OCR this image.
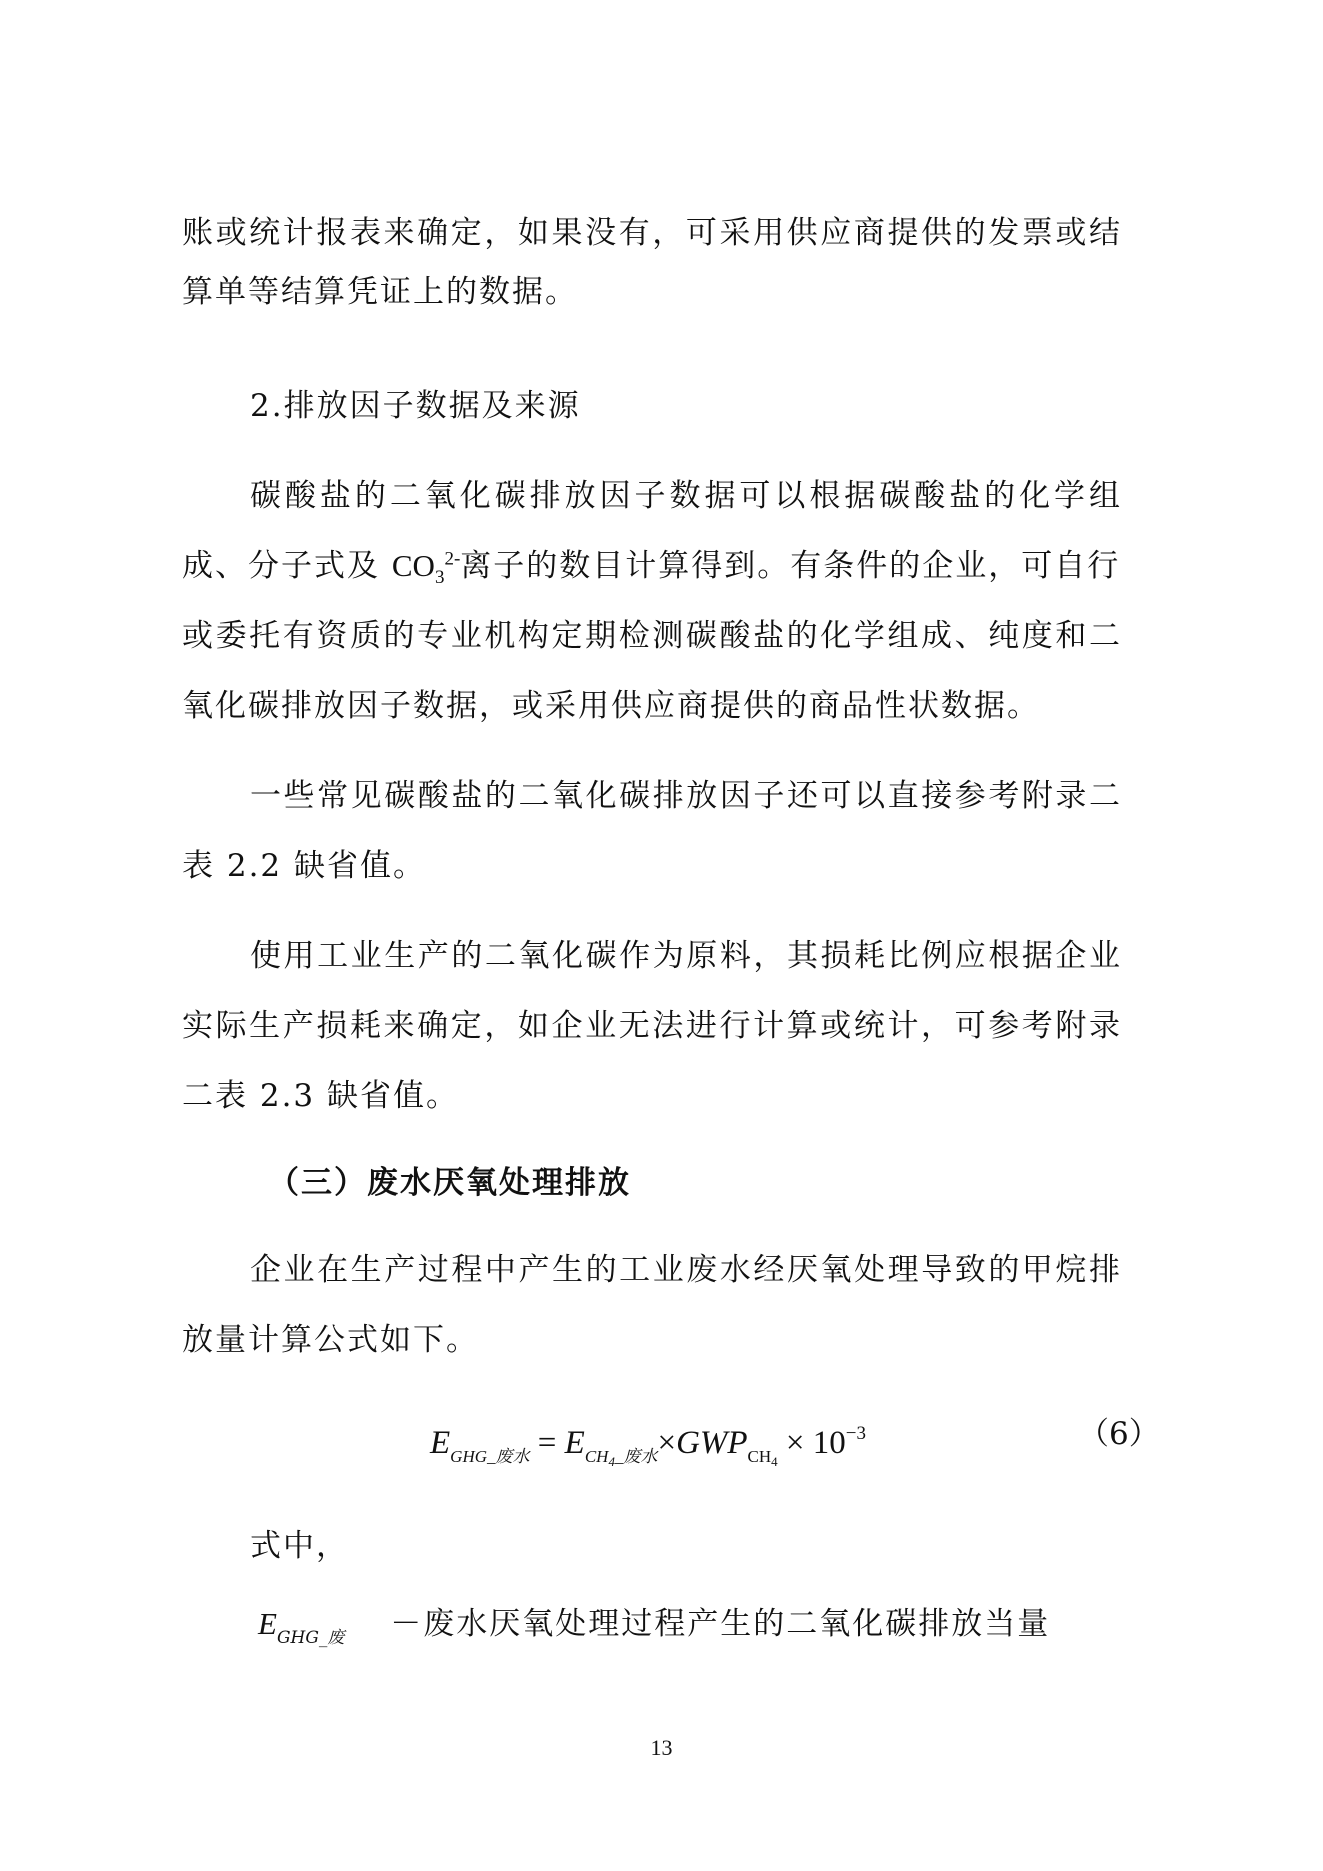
账或统计报表来确定，如果没有，可采用供应商提供的发票或结
算单等结算凭证上的数据。
2.排放因子数据及来源
碳酸盐的二氧化碳排放因子数据可以根据碳酸盐的化学组
成、分子式及 $CO_3^{2-}$离子的数目计算得到。有条件的企业，可自行
或委托有资质的专业机构定期检测碳酸盐的化学组成、纯度和二
氧化碳排放因子数据，或采用供应商提供的商品性状数据。
一些常见碳酸盐的二氧化碳排放因子还可以直接参考附录二
表 2.2 缺省值。
使用工业生产的二氧化碳作为原料，其损耗比例应根据企业
实际生产损耗来确定，如企业无法进行计算或统计，可参考附录
二表 2.3 缺省值。
（三）废水厌氧处理排放
企业在生产过程中产生的工业废水经厌氧处理导致的甲烷排
放量计算公式如下。
$E_{GHG\_废水} = E_{CH_4\_废水}\times GWP_{CH_4} \times 10^{-3}$	（6）
式中，
$E_{GHG\_废}$ －废水厌氧处理过程产生的二氧化碳排放当量
13
